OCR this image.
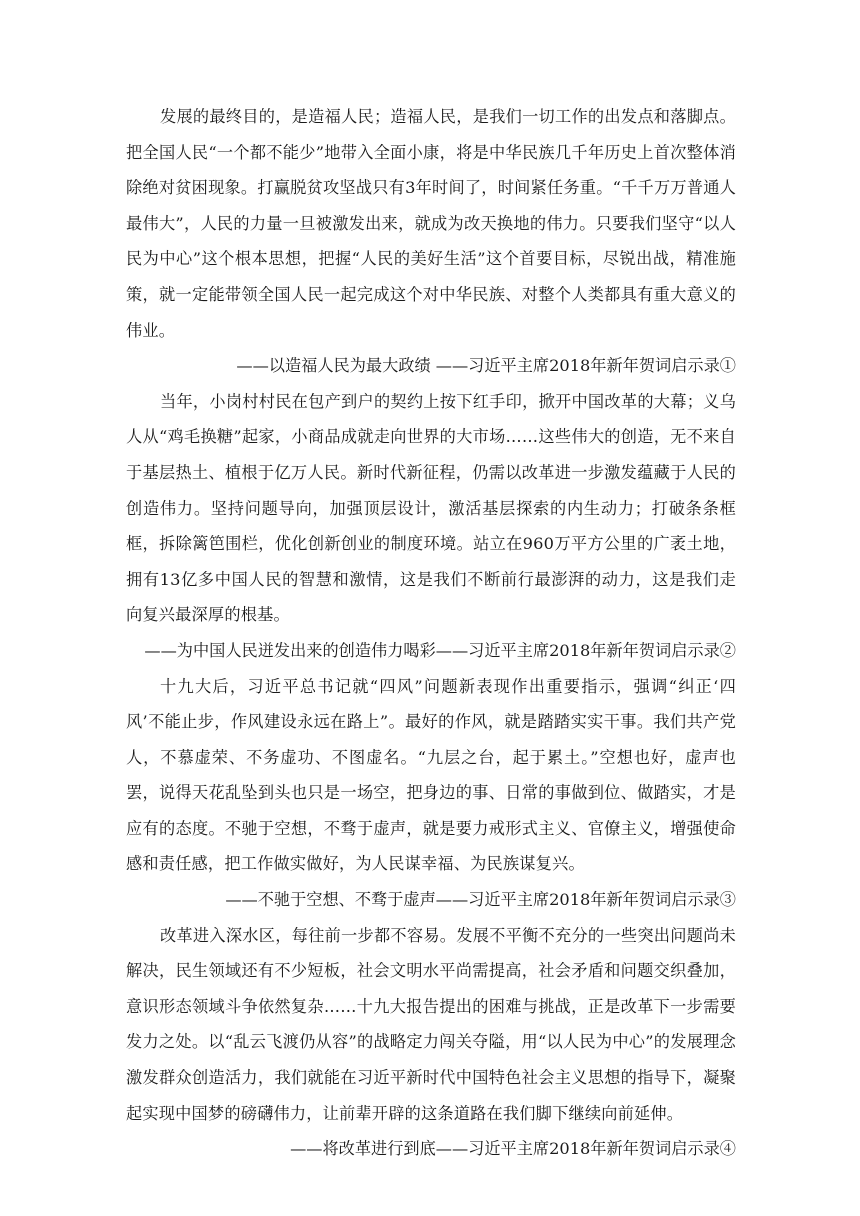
发展的最终目的，是造福人民；造福人民，是我们一切工作的出发点和落脚点。把全国人民“一个都不能少”地带入全面小康，将是中华民族几千年历史上首次整体消除绝对贫困现象。打赢脱贫攻坚战只有3年时间了，时间紧任务重。“千千万万普通人最伟大”，人民的力量一旦被激发出来，就成为改天换地的伟力。只要我们坚守“以人民为中心”这个根本思想，把握“人民的美好生活”这个首要目标，尽锐出战，精准施策，就一定能带领全国人民一起完成这个对中华民族、对整个人类都具有重大意义的伟业。

——以造福人民为最大政绩 ——习近平主席2018年新年贺词启示录①

当年，小岗村村民在包产到户的契约上按下红手印，掀开中国改革的大幕；义乌人从“鸡毛换糖”起家，小商品成就走向世界的大市场……这些伟大的创造，无不来自于基层热土、植根于亿万人民。新时代新征程，仍需以改革进一步激发蕴藏于人民的创造伟力。坚持问题导向，加强顶层设计，激活基层探索的内生动力；打破条条框框，拆除篱笆围栏，优化创新创业的制度环境。站立在960万平方公里的广袤土地，拥有13亿多中国人民的智慧和激情，这是我们不断前行最澎湃的动力，这是我们走向复兴最深厚的根基。

——为中国人民迸发出来的创造伟力喝彩——习近平主席2018年新年贺词启示录②

十九大后，习近平总书记就“四风”问题新表现作出重要指示，强调“纠正‘四风’不能止步，作风建设永远在路上”。最好的作风，就是踏踏实实干事。我们共产党人，不慕虚荣、不务虚功、不图虚名。“九层之台，起于累土。”空想也好，虚声也罢，说得天花乱坠到头也只是一场空，把身边的事、日常的事做到位、做踏实，才是应有的态度。不驰于空想，不骛于虚声，就是要力戒形式主义、官僚主义，增强使命感和责任感，把工作做实做好，为人民谋幸福、为民族谋复兴。

——不驰于空想、不骛于虚声——习近平主席2018年新年贺词启示录③

改革进入深水区，每往前一步都不容易。发展不平衡不充分的一些突出问题尚未解决，民生领域还有不少短板，社会文明水平尚需提高，社会矛盾和问题交织叠加，意识形态领域斗争依然复杂……十九大报告提出的困难与挑战，正是改革下一步需要发力之处。以“乱云飞渡仍从容”的战略定力闯关夺隘，用“以人民为中心”的发展理念激发群众创造活力，我们就能在习近平新时代中国特色社会主义思想的指导下，凝聚起实现中国梦的磅礴伟力，让前辈开辟的这条道路在我们脚下继续向前延伸。

——将改革进行到底——习近平主席2018年新年贺词启示录④
